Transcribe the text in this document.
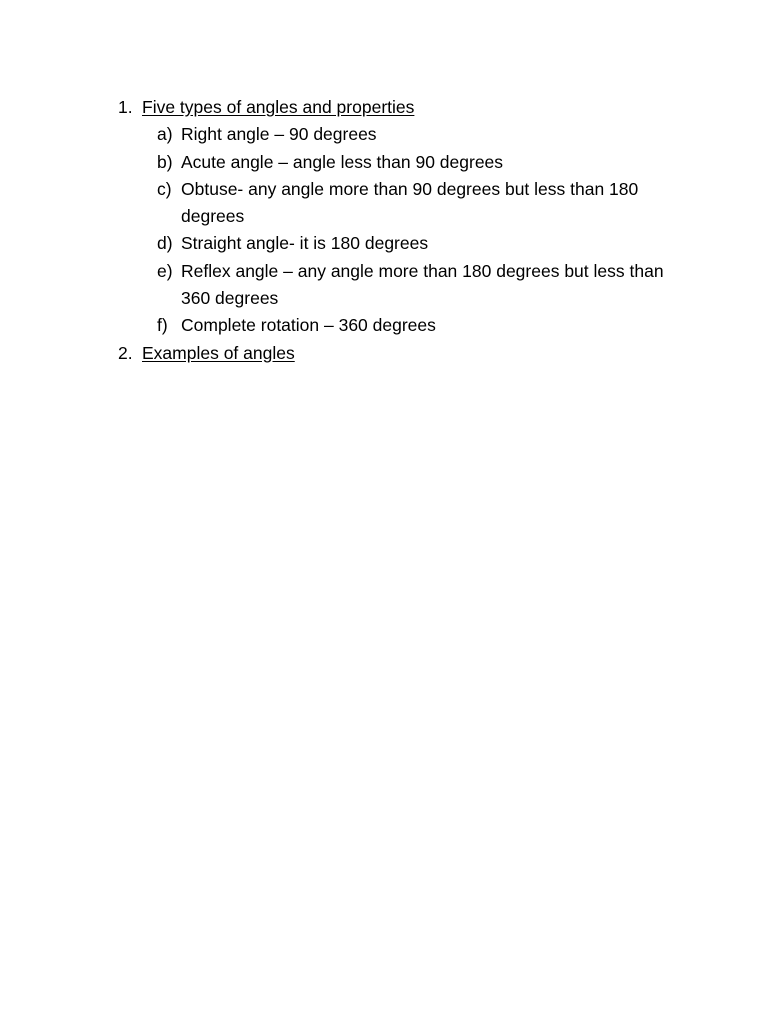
1. Five types of angles and properties
a) Right angle – 90 degrees
b) Acute angle – angle less than 90 degrees
c) Obtuse- any angle more than 90 degrees but less than 180 degrees
d) Straight angle- it is 180 degrees
e) Reflex angle – any angle more than 180 degrees but less than 360 degrees
f) Complete rotation – 360 degrees
2. Examples of angles
